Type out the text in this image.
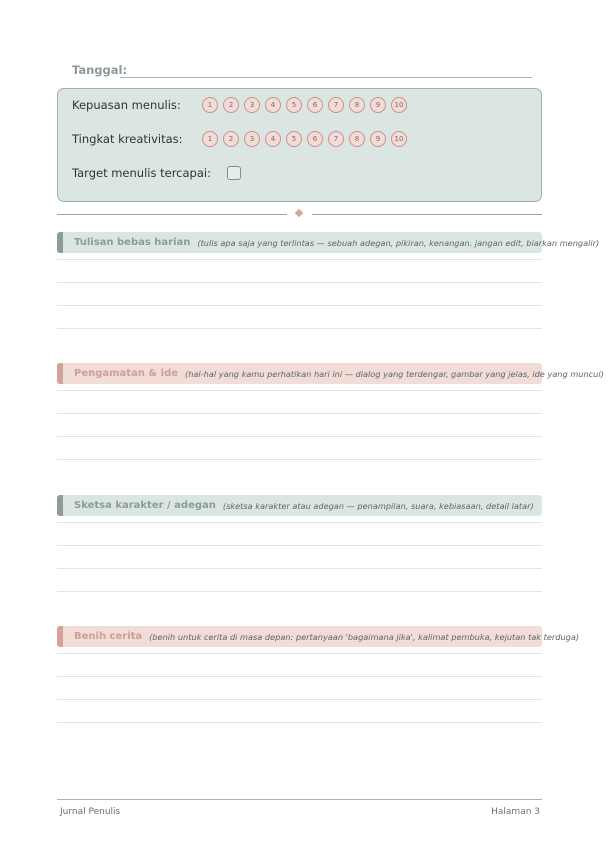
Tanggal:
Kepuasan menulis:	1	2	3	4	5	6	7	8	9	10
Tingkat kreativitas:	1	2	3	4	5	6	7	8	9	10
Target menulis tercapai:
Tulisan bebas harian (tulis apa saja yang terlintas — sebuah adegan, pikiran, kenangan. jangan edit, biarkan mengalir)
Pengamatan & ide (hal-hal yang kamu perhatikan hari ini — dialog yang terdengar, gambar yang jelas, ide yang muncul)
Sketsa karakter / adegan (sketsa karakter atau adegan — penampilan, suara, kebiasaan, detail latar)
Benih cerita (benih untuk cerita di masa depan: pertanyaan 'bagaimana jika', kalimat pembuka, kejutan tak terduga)
Jurnal Penulis	Halaman 3
